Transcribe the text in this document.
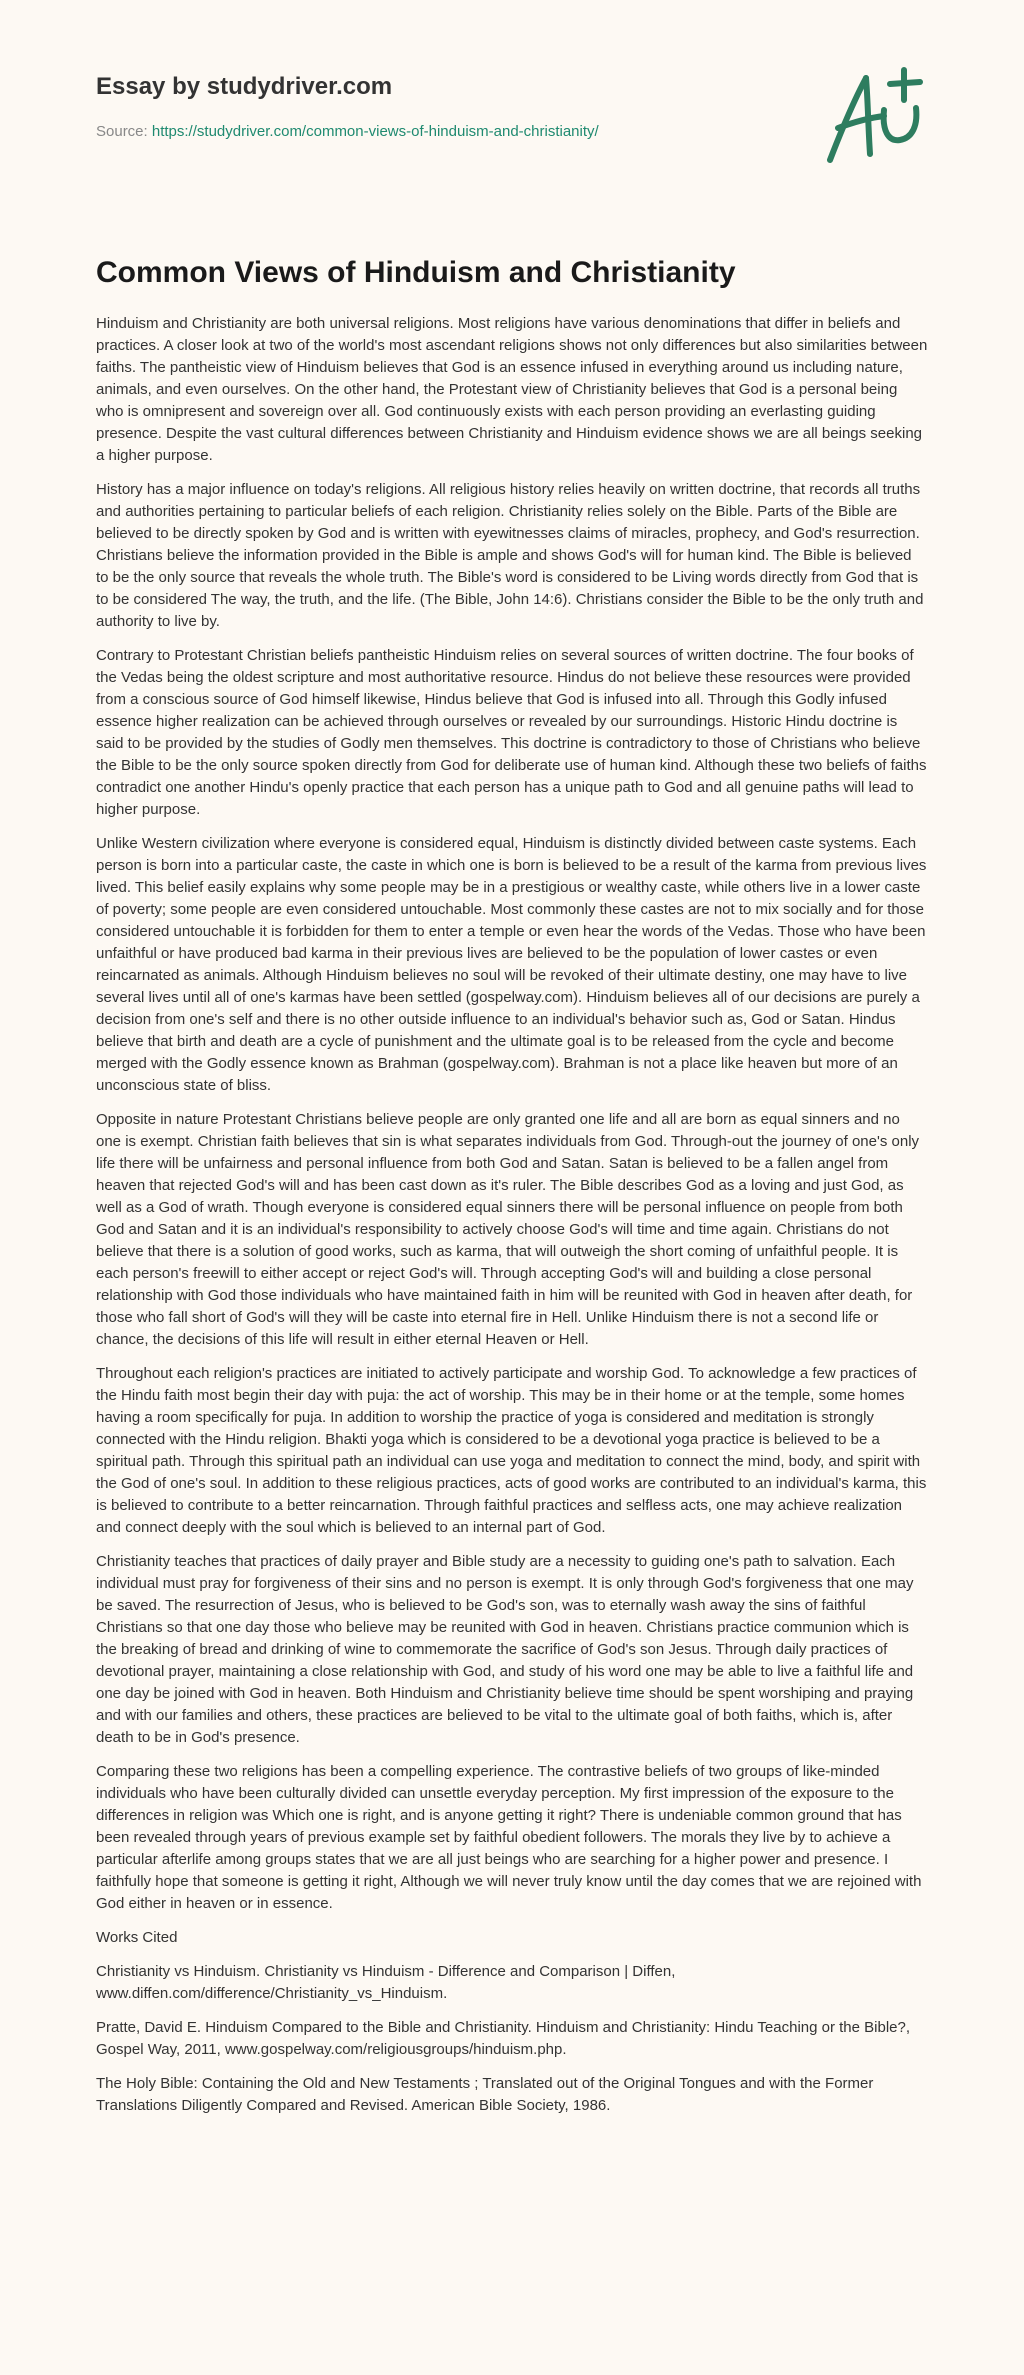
Essay by studydriver.com
Source: https://studydriver.com/common-views-of-hinduism-and-christianity/
Common Views of Hinduism and Christianity

Hinduism and Christianity are both universal religions. Most religions have various denominations that differ in beliefs and practices. A closer look at two of the world's most ascendant religions shows not only differences but also similarities between faiths. The pantheistic view of Hinduism believes that God is an essence infused in everything around us including nature, animals, and even ourselves. On the other hand, the Protestant view of Christianity believes that God is a personal being who is omnipresent and sovereign over all. God continuously exists with each person providing an everlasting guiding presence. Despite the vast cultural differences between Christianity and Hinduism evidence shows we are all beings seeking a higher purpose.

History has a major influence on today's religions. All religious history relies heavily on written doctrine, that records all truths and authorities pertaining to particular beliefs of each religion. Christianity relies solely on the Bible. Parts of the Bible are believed to be directly spoken by God and is written with eyewitnesses claims of miracles, prophecy, and God's resurrection. Christians believe the information provided in the Bible is ample and shows God's will for human kind. The Bible is believed to be the only source that reveals the whole truth. The Bible's word is considered to be Living words directly from God that is to be considered The way, the truth, and the life. (The Bible, John 14:6). Christians consider the Bible to be the only truth and authority to live by.

Contrary to Protestant Christian beliefs pantheistic Hinduism relies on several sources of written doctrine. The four books of the Vedas being the oldest scripture and most authoritative resource. Hindus do not believe these resources were provided from a conscious source of God himself likewise, Hindus believe that God is infused into all. Through this Godly infused essence higher realization can be achieved through ourselves or revealed by our surroundings. Historic Hindu doctrine is said to be provided by the studies of Godly men themselves. This doctrine is contradictory to those of Christians who believe the Bible to be the only source spoken directly from God for deliberate use of human kind. Although these two beliefs of faiths contradict one another Hindu's openly practice that each person has a unique path to God and all genuine paths will lead to higher purpose.

Unlike Western civilization where everyone is considered equal, Hinduism is distinctly divided between caste systems. Each person is born into a particular caste, the caste in which one is born is believed to be a result of the karma from previous lives lived. This belief easily explains why some people may be in a prestigious or wealthy caste, while others live in a lower caste of poverty; some people are even considered untouchable. Most commonly these castes are not to mix socially and for those considered untouchable it is forbidden for them to enter a temple or even hear the words of the Vedas. Those who have been unfaithful or have produced bad karma in their previous lives are believed to be the population of lower castes or even reincarnated as animals. Although Hinduism believes no soul will be revoked of their ultimate destiny, one may have to live several lives until all of one's karmas have been settled (gospelway.com). Hinduism believes all of our decisions are purely a decision from one's self and there is no other outside influence to an individual's behavior such as, God or Satan. Hindus believe that birth and death are a cycle of punishment and the ultimate goal is to be released from the cycle and become merged with the Godly essence known as Brahman (gospelway.com). Brahman is not a place like heaven but more of an unconscious state of bliss.

Opposite in nature Protestant Christians believe people are only granted one life and all are born as equal sinners and no one is exempt. Christian faith believes that sin is what separates individuals from God. Through-out the journey of one's only life there will be unfairness and personal influence from both God and Satan. Satan is believed to be a fallen angel from heaven that rejected God's will and has been cast down as it's ruler. The Bible describes God as a loving and just God, as well as a God of wrath. Though everyone is considered equal sinners there will be personal influence on people from both God and Satan and it is an individual's responsibility to actively choose God's will time and time again. Christians do not believe that there is a solution of good works, such as karma, that will outweigh the short coming of unfaithful people. It is each person's freewill to either accept or reject God's will. Through accepting God's will and building a close personal relationship with God those individuals who have maintained faith in him will be reunited with God in heaven after death, for those who fall short of God's will they will be caste into eternal fire in Hell. Unlike Hinduism there is not a second life or chance, the decisions of this life will result in either eternal Heaven or Hell.

Throughout each religion's practices are initiated to actively participate and worship God. To acknowledge a few practices of the Hindu faith most begin their day with puja: the act of worship. This may be in their home or at the temple, some homes having a room specifically for puja. In addition to worship the practice of yoga is considered and meditation is strongly connected with the Hindu religion. Bhakti yoga which is considered to be a devotional yoga practice is believed to be a spiritual path. Through this spiritual path an individual can use yoga and meditation to connect the mind, body, and spirit with the God of one's soul. In addition to these religious practices, acts of good works are contributed to an individual's karma, this is believed to contribute to a better reincarnation. Through faithful practices and selfless acts, one may achieve realization and connect deeply with the soul which is believed to an internal part of God.

Christianity teaches that practices of daily prayer and Bible study are a necessity to guiding one's path to salvation. Each individual must pray for forgiveness of their sins and no person is exempt. It is only through God's forgiveness that one may be saved. The resurrection of Jesus, who is believed to be God's son, was to eternally wash away the sins of faithful Christians so that one day those who believe may be reunited with God in heaven. Christians practice communion which is the breaking of bread and drinking of wine to commemorate the sacrifice of God's son Jesus. Through daily practices of devotional prayer, maintaining a close relationship with God, and study of his word one may be able to live a faithful life and one day be joined with God in heaven. Both Hinduism and Christianity believe time should be spent worshiping and praying and with our families and others, these practices are believed to be vital to the ultimate goal of both faiths, which is, after death to be in God's presence.

Comparing these two religions has been a compelling experience. The contrastive beliefs of two groups of like-minded individuals who have been culturally divided can unsettle everyday perception. My first impression of the exposure to the differences in religion was Which one is right, and is anyone getting it right? There is undeniable common ground that has been revealed through years of previous example set by faithful obedient followers. The morals they live by to achieve a particular afterlife among groups states that we are all just beings who are searching for a higher power and presence. I faithfully hope that someone is getting it right, Although we will never truly know until the day comes that we are rejoined with God either in heaven or in essence.

Works Cited

Christianity vs Hinduism. Christianity vs Hinduism - Difference and Comparison | Diffen, www.diffen.com/difference/Christianity_vs_Hinduism.

Pratte, David E. Hinduism Compared to the Bible and Christianity. Hinduism and Christianity: Hindu Teaching or the Bible?, Gospel Way, 2011, www.gospelway.com/religiousgroups/hinduism.php.

The Holy Bible: Containing the Old and New Testaments ; Translated out of the Original Tongues and with the Former Translations Diligently Compared and Revised. American Bible Society, 1986.
